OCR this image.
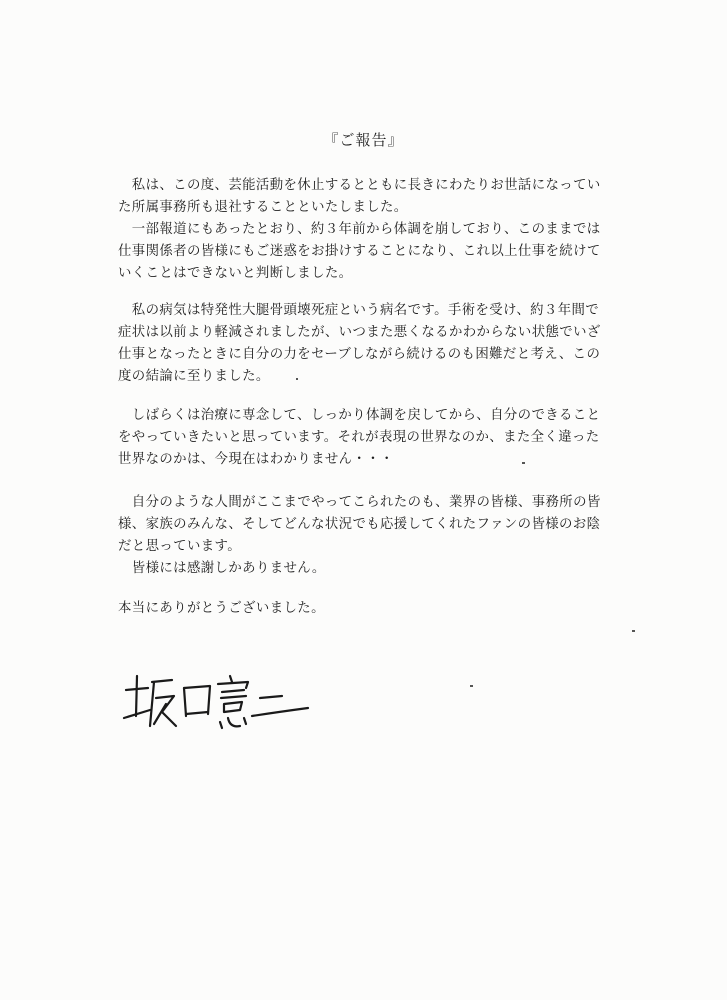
『ご報告』

　私は、この度、芸能活動を休止するとともに長きにわたりお世話になってい
た所属事務所も退社することといたしました。
　一部報道にもあったとおり、約３年前から体調を崩しており、このままでは
仕事関係者の皆様にもご迷惑をお掛けすることになり、これ以上仕事を続けて
いくことはできないと判断しました。

　私の病気は特発性大腿骨頭壊死症という病名です。手術を受け、約３年間で
症状は以前より軽減されましたが、いつまた悪くなるかわからない状態でいざ
仕事となったときに自分の力をセーブしながら続けるのも困難だと考え、この
度の結論に至りました。

　しばらくは治療に専念して、しっかり体調を戻してから、自分のできること
をやっていきたいと思っています。それが表現の世界なのか、また全く違った
世界なのかは、今現在はわかりません・・・

　自分のような人間がここまでやってこられたのも、業界の皆様、事務所の皆
様、家族のみんな、そしてどんな状況でも応援してくれたファンの皆様のお陰
だと思っています。
　皆様には感謝しかありません。

本当にありがとうございました。
